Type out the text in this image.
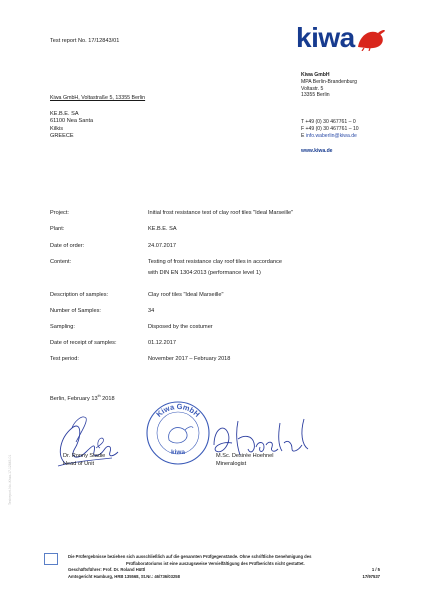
Test report No. 17/12843/01	kiwa
Kiwa GmbH, Voltastraße 5, 13355 Berlin
KE.B.E. SA
61100 Nea Santa
Kilkis
GREECE
Kiwa GmbH
MPA Berlin-Brandenburg
Voltastr. 5
13355 Berlin
T +49 (0) 30 467761 – 0
F +49 (0) 30 467761 – 10
E info.waberlin@kiwa.de
www.kiwa.de
Project:	Initial frost resistance test of clay roof tiles "Ideal Marseille"
Plant:	KE.B.E. SA
Date of order:	24.07.2017
Content:	Testing of frost resistance clay roof tiles in accordance
with DIN EN 1304:2013 (performance level 1)
Description of samples:	Clay roof tiles "Ideal Marseille"
Number of Samples:	34
Sampling:	Disposed by the costumer
Date of receipt of samples:	01.12.2017
Test period:	November 2017 – February 2018
Berlin, February 13th 2018
Kiwa GmbH
kiwa
Dr. Ronny Stadie
Head of Unit
M.Sc. Desirée Hoehnel
Mineralogist
Testreport-No.-Kiwa-17-12843-01
Die Prüfergebnisse beziehen sich ausschließlich auf die genannten Prüfgegenstände. Ohne schriftliche Genehmigung des
Prüflaboratoriums ist eine auszugsweise Vervielfältigung des Prüfberichts nicht gestattet.
Geschäftsführer: Prof. Dr. Roland Hüttl
Amtsgericht Hamburg, HRB 135568, St.Nr.: 46/736/03258
1 / 5
17/97537
